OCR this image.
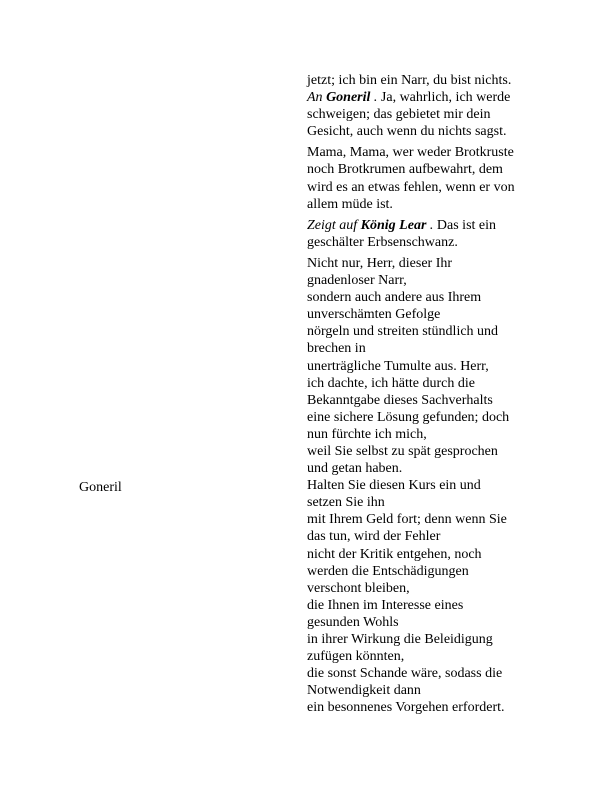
Goneril

jetzt; ich bin ein Narr, du bist nichts.
An Goneril . Ja, wahrlich, ich werde
schweigen; das gebietet mir dein
Gesicht, auch wenn du nichts sagst.

Mama, Mama, wer weder Brotkruste
noch Brotkrumen aufbewahrt, dem
wird es an etwas fehlen, wenn er von
allem müde ist.

Zeigt auf König Lear . Das ist ein
geschälter Erbsenschwanz.

Nicht nur, Herr, dieser Ihr
gnadenloser Narr,
sondern auch andere aus Ihrem
unverschämten Gefolge
nörgeln und streiten stündlich und
brechen in
unerträgliche Tumulte aus. Herr,
ich dachte, ich hätte durch die
Bekanntgabe dieses Sachverhalts
eine sichere Lösung gefunden; doch
nun fürchte ich mich,
weil Sie selbst zu spät gesprochen
und getan haben.
Halten Sie diesen Kurs ein und
setzen Sie ihn
mit Ihrem Geld fort; denn wenn Sie
das tun, wird der Fehler
nicht der Kritik entgehen, noch
werden die Entschädigungen
verschont bleiben,
die Ihnen im Interesse eines
gesunden Wohls
in ihrer Wirkung die Beleidigung
zufügen könnten,
die sonst Schande wäre, sodass die
Notwendigkeit dann
ein besonnenes Vorgehen erfordert.
